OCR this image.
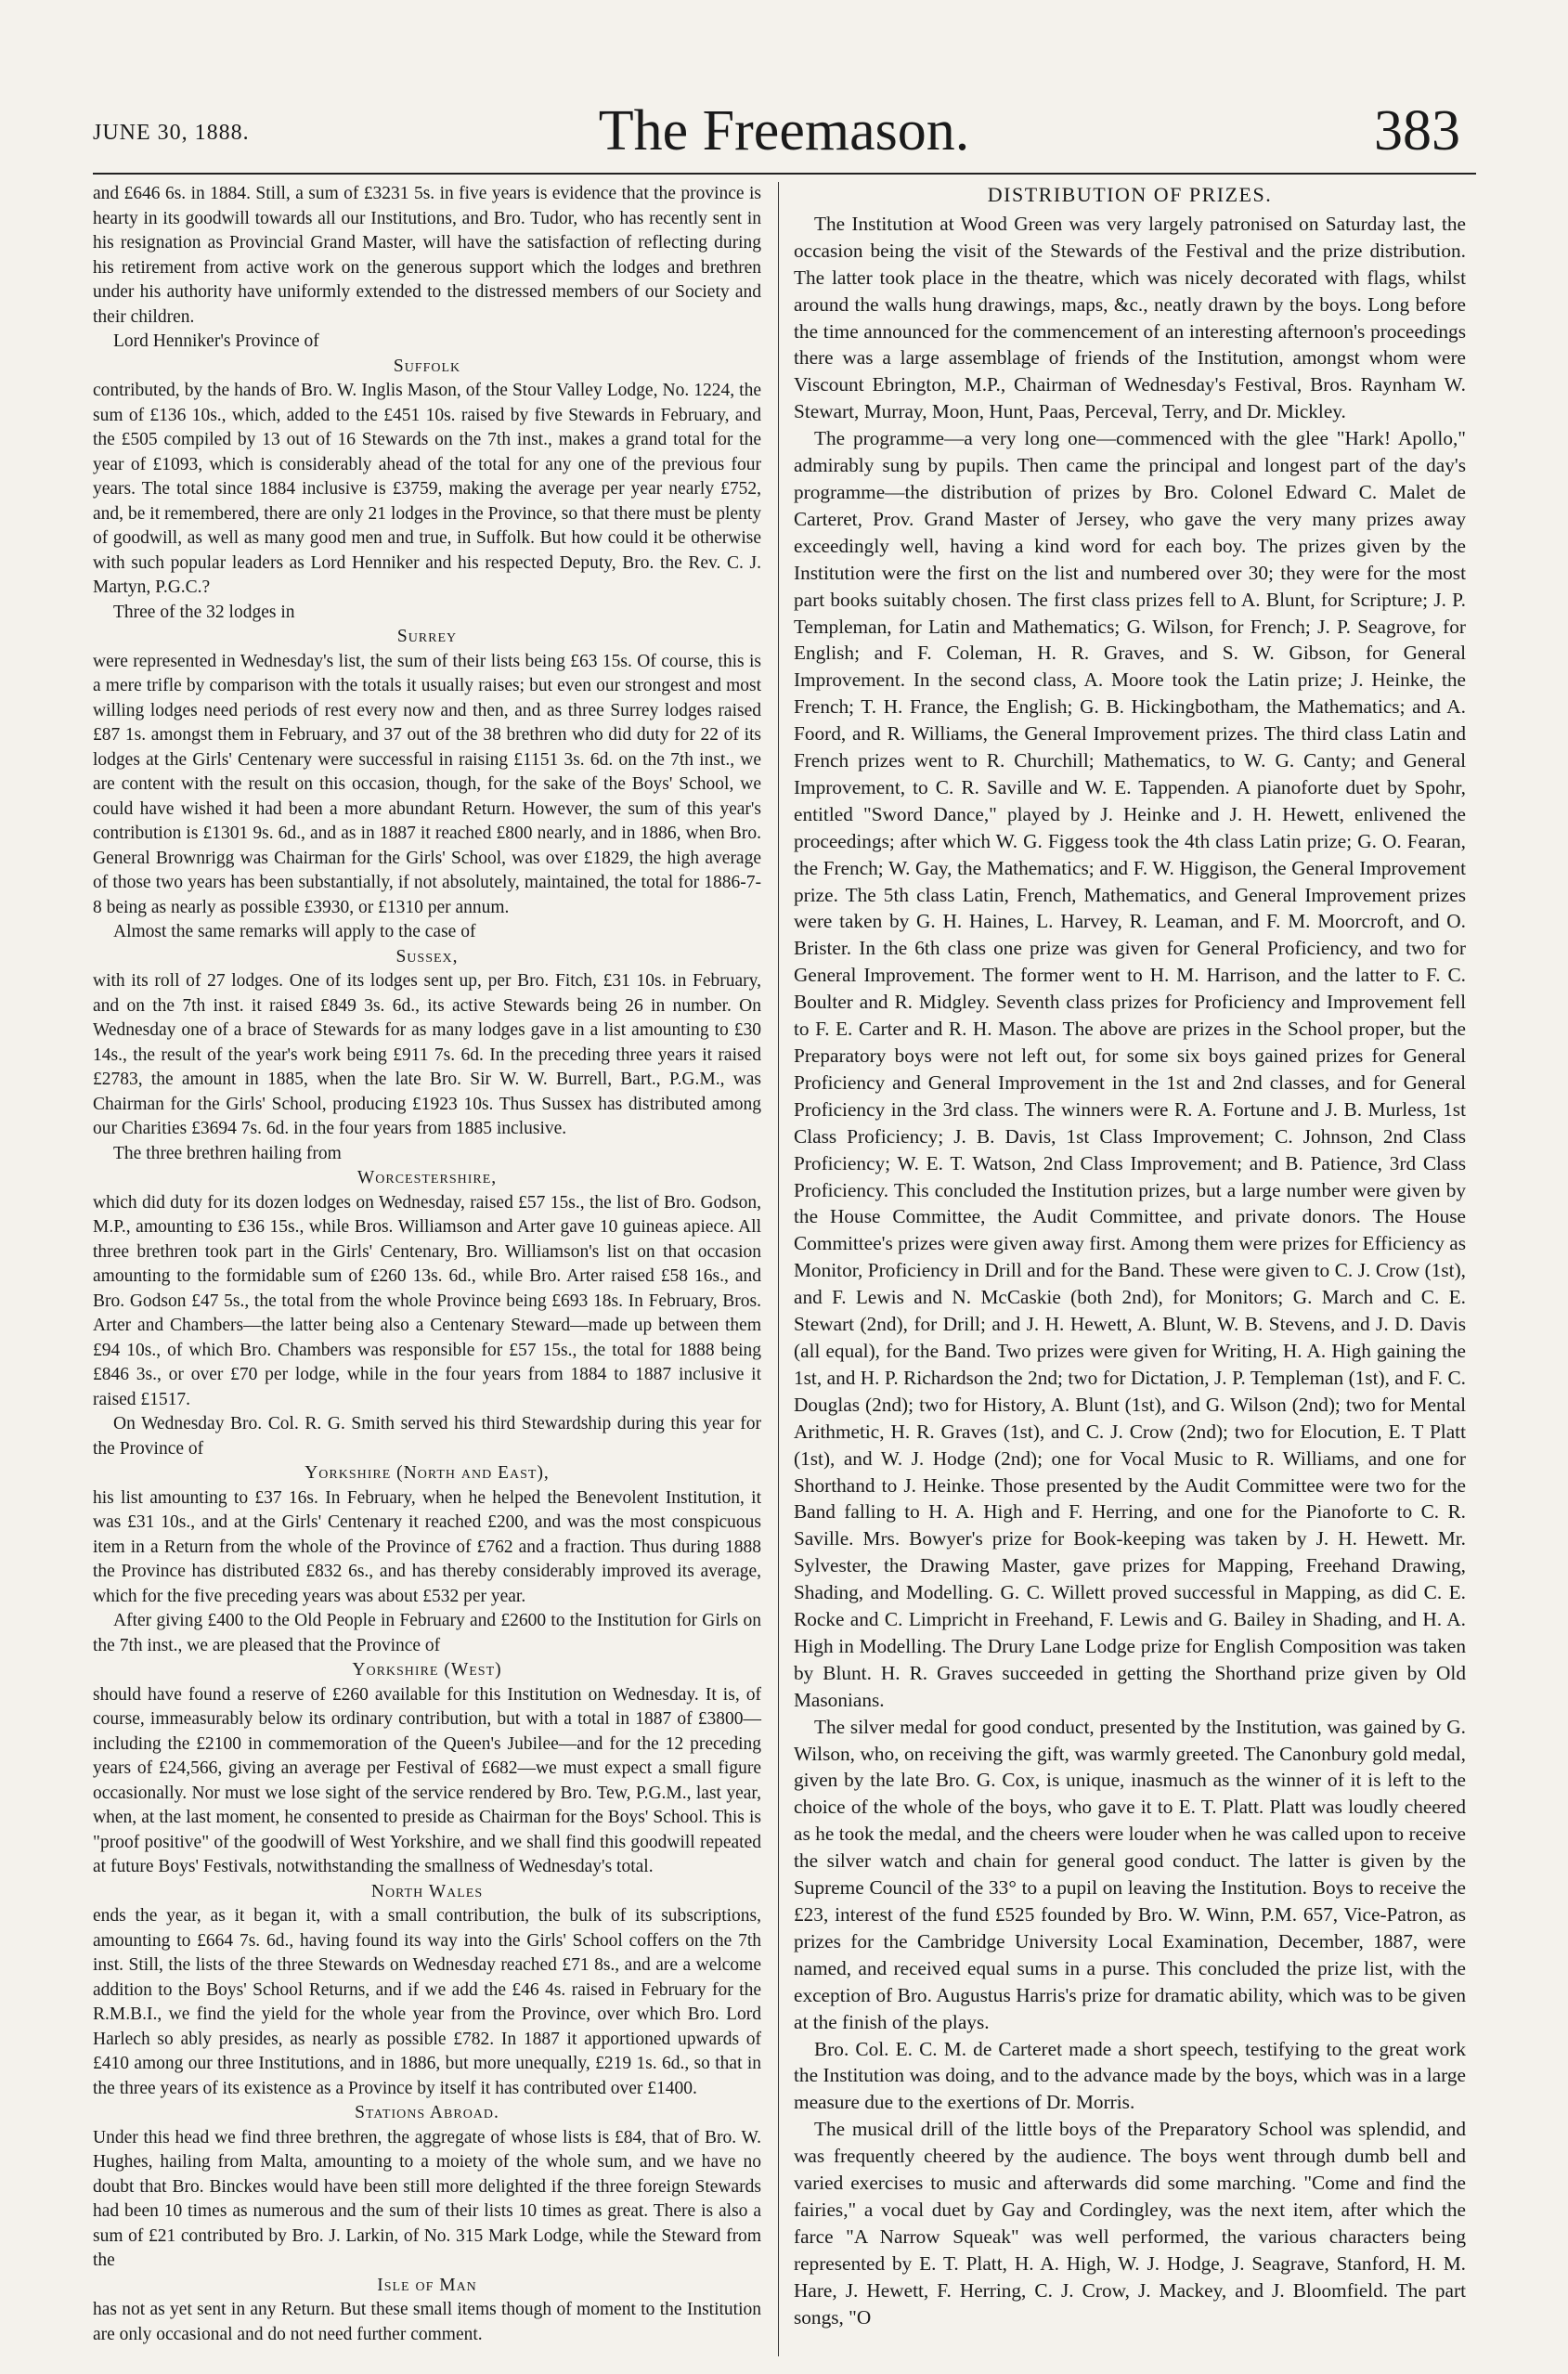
JUNE 30, 1888.	The Freemason.	383

and £646 6s. in 1884. Still, a sum of £3231 5s. in five years is evidence that the province is hearty in its goodwill towards all our Institutions, and Bro. Tudor, who has recently sent in his resignation as Provincial Grand Master, will have the satisfaction of reflecting during his retirement from active work on the generous support which the lodges and brethren under his authority have uniformly extended to the distressed members of our Society and their children.

Lord Henniker's Province of

Suffolk

contributed, by the hands of Bro. W. Inglis Mason, of the Stour Valley Lodge, No. 1224, the sum of £136 10s., which, added to the £451 10s. raised by five Stewards in February, and the £505 compiled by 13 out of 16 Stewards on the 7th inst., makes a grand total for the year of £1093, which is considerably ahead of the total for any one of the previous four years. The total since 1884 inclusive is £3759, making the average per year nearly £752, and, be it remembered, there are only 21 lodges in the Province, so that there must be plenty of goodwill, as well as many good men and true, in Suffolk. But how could it be otherwise with such popular leaders as Lord Henniker and his respected Deputy, Bro. the Rev. C. J. Martyn, P.G.C.?

Three of the 32 lodges in

Surrey

were represented in Wednesday's list, the sum of their lists being £63 15s. Of course, this is a mere trifle by comparison with the totals it usually raises; but even our strongest and most willing lodges need periods of rest every now and then, and as three Surrey lodges raised £87 1s. amongst them in February, and 37 out of the 38 brethren who did duty for 22 of its lodges at the Girls' Centenary were successful in raising £1151 3s. 6d. on the 7th inst., we are content with the result on this occasion, though, for the sake of the Boys' School, we could have wished it had been a more abundant Return. However, the sum of this year's contribution is £1301 9s. 6d., and as in 1887 it reached £800 nearly, and in 1886, when Bro. General Brownrigg was Chairman for the Girls' School, was over £1829, the high average of those two years has been substantially, if not absolutely, maintained, the total for 1886-7-8 being as nearly as possible £3930, or £1310 per annum.

Almost the same remarks will apply to the case of

Sussex,

with its roll of 27 lodges. One of its lodges sent up, per Bro. Fitch, £31 10s. in February, and on the 7th inst. it raised £849 3s. 6d., its active Stewards being 26 in number. On Wednesday one of a brace of Stewards for as many lodges gave in a list amounting to £30 14s., the result of the year's work being £911 7s. 6d. In the preceding three years it raised £2783, the amount in 1885, when the late Bro. Sir W. W. Burrell, Bart., P.G.M., was Chairman for the Girls' School, producing £1923 10s. Thus Sussex has distributed among our Charities £3694 7s. 6d. in the four years from 1885 inclusive.

The three brethren hailing from

Worcestershire,

which did duty for its dozen lodges on Wednesday, raised £57 15s., the list of Bro. Godson, M.P., amounting to £36 15s., while Bros. Williamson and Arter gave 10 guineas apiece. All three brethren took part in the Girls' Centenary, Bro. Williamson's list on that occasion amounting to the formidable sum of £260 13s. 6d., while Bro. Arter raised £58 16s., and Bro. Godson £47 5s., the total from the whole Province being £693 18s. In February, Bros. Arter and Chambers—the latter being also a Centenary Steward—made up between them £94 10s., of which Bro. Chambers was responsible for £57 15s., the total for 1888 being £846 3s., or over £70 per lodge, while in the four years from 1884 to 1887 inclusive it raised £1517.

On Wednesday Bro. Col. R. G. Smith served his third Stewardship during this year for the Province of

Yorkshire (North and East),

his list amounting to £37 16s. In February, when he helped the Benevolent Institution, it was £31 10s., and at the Girls' Centenary it reached £200, and was the most conspicuous item in a Return from the whole of the Province of £762 and a fraction. Thus during 1888 the Province has distributed £832 6s., and has thereby considerably improved its average, which for the five preceding years was about £532 per year.

After giving £400 to the Old People in February and £2600 to the Institution for Girls on the 7th inst., we are pleased that the Province of

Yorkshire (West)

should have found a reserve of £260 available for this Institution on Wednesday. It is, of course, immeasurably below its ordinary contribution, but with a total in 1887 of £3800—including the £2100 in commemoration of the Queen's Jubilee—and for the 12 preceding years of £24,566, giving an average per Festival of £682—we must expect a small figure occasionally. Nor must we lose sight of the service rendered by Bro. Tew, P.G.M., last year, when, at the last moment, he consented to preside as Chairman for the Boys' School. This is "proof positive" of the goodwill of West Yorkshire, and we shall find this goodwill repeated at future Boys' Festivals, notwithstanding the smallness of Wednesday's total.

North Wales

ends the year, as it began it, with a small contribution, the bulk of its subscriptions, amounting to £664 7s. 6d., having found its way into the Girls' School coffers on the 7th inst. Still, the lists of the three Stewards on Wednesday reached £71 8s., and are a welcome addition to the Boys' School Returns, and if we add the £46 4s. raised in February for the R.M.B.I., we find the yield for the whole year from the Province, over which Bro. Lord Harlech so ably presides, as nearly as possible £782. In 1887 it apportioned upwards of £410 among our three Institutions, and in 1886, but more unequally, £219 1s. 6d., so that in the three years of its existence as a Province by itself it has contributed over £1400.

Stations Abroad.

Under this head we find three brethren, the aggregate of whose lists is £84, that of Bro. W. Hughes, hailing from Malta, amounting to a moiety of the whole sum, and we have no doubt that Bro. Binckes would have been still more delighted if the three foreign Stewards had been 10 times as numerous and the sum of their lists 10 times as great. There is also a sum of £21 contributed by Bro. J. Larkin, of No. 315 Mark Lodge, while the Steward from the

Isle of Man

has not as yet sent in any Return. But these small items though of moment to the Institution are only occasional and do not need further comment.

DISTRIBUTION OF PRIZES.

The Institution at Wood Green was very largely patronised on Saturday last, the occasion being the visit of the Stewards of the Festival and the prize distribution. The latter took place in the theatre, which was nicely decorated with flags, whilst around the walls hung drawings, maps, &c., neatly drawn by the boys. Long before the time announced for the commencement of an interesting afternoon's proceedings there was a large assemblage of friends of the Institution, amongst whom were Viscount Ebrington, M.P., Chairman of Wednesday's Festival, Bros. Raynham W. Stewart, Murray, Moon, Hunt, Paas, Perceval, Terry, and Dr. Mickley.

The programme—a very long one—commenced with the glee "Hark! Apollo," admirably sung by pupils. Then came the principal and longest part of the day's programme—the distribution of prizes by Bro. Colonel Edward C. Malet de Carteret, Prov. Grand Master of Jersey, who gave the very many prizes away exceedingly well, having a kind word for each boy. The prizes given by the Institution were the first on the list and numbered over 30; they were for the most part books suitably chosen. The first class prizes fell to A. Blunt, for Scripture; J. P. Templeman, for Latin and Mathematics; G. Wilson, for French; J. P. Seagrove, for English; and F. Coleman, H. R. Graves, and S. W. Gibson, for General Improvement. In the second class, A. Moore took the Latin prize; J. Heinke, the French; T. H. France, the English; G. B. Hickingbotham, the Mathematics; and A. Foord, and R. Williams, the General Improvement prizes. The third class Latin and French prizes went to R. Churchill; Mathematics, to W. G. Canty; and General Improvement, to C. R. Saville and W. E. Tappenden. A pianoforte duet by Spohr, entitled "Sword Dance," played by J. Heinke and J. H. Hewett, enlivened the proceedings; after which W. G. Figgess took the 4th class Latin prize; G. O. Fearan, the French; W. Gay, the Mathematics; and F. W. Higgison, the General Improvement prize. The 5th class Latin, French, Mathematics, and General Improvement prizes were taken by G. H. Haines, L. Harvey, R. Leaman, and F. M. Moorcroft, and O. Brister. In the 6th class one prize was given for General Proficiency, and two for General Improvement. The former went to H. M. Harrison, and the latter to F. C. Boulter and R. Midgley. Seventh class prizes for Proficiency and Improvement fell to F. E. Carter and R. H. Mason. The above are prizes in the School proper, but the Preparatory boys were not left out, for some six boys gained prizes for General Proficiency and General Improvement in the 1st and 2nd classes, and for General Proficiency in the 3rd class. The winners were R. A. Fortune and J. B. Murless, 1st Class Proficiency; J. B. Davis, 1st Class Improvement; C. Johnson, 2nd Class Proficiency; W. E. T. Watson, 2nd Class Improvement; and B. Patience, 3rd Class Proficiency. This concluded the Institution prizes, but a large number were given by the House Committee, the Audit Committee, and private donors. The House Committee's prizes were given away first. Among them were prizes for Efficiency as Monitor, Proficiency in Drill and for the Band. These were given to C. J. Crow (1st), and F. Lewis and N. McCaskie (both 2nd), for Monitors; G. March and C. E. Stewart (2nd), for Drill; and J. H. Hewett, A. Blunt, W. B. Stevens, and J. D. Davis (all equal), for the Band. Two prizes were given for Writing, H. A. High gaining the 1st, and H. P. Richardson the 2nd; two for Dictation, J. P. Templeman (1st), and F. C. Douglas (2nd); two for History, A. Blunt (1st), and G. Wilson (2nd); two for Mental Arithmetic, H. R. Graves (1st), and C. J. Crow (2nd); two for Elocution, E. T Platt (1st), and W. J. Hodge (2nd); one for Vocal Music to R. Williams, and one for Shorthand to J. Heinke. Those presented by the Audit Committee were two for the Band falling to H. A. High and F. Herring, and one for the Pianoforte to C. R. Saville. Mrs. Bowyer's prize for Book-keeping was taken by J. H. Hewett. Mr. Sylvester, the Drawing Master, gave prizes for Mapping, Freehand Drawing, Shading, and Modelling. G. C. Willett proved successful in Mapping, as did C. E. Rocke and C. Limpricht in Freehand, F. Lewis and G. Bailey in Shading, and H. A. High in Modelling. The Drury Lane Lodge prize for English Composition was taken by Blunt. H. R. Graves succeeded in getting the Shorthand prize given by Old Masonians.

The silver medal for good conduct, presented by the Institution, was gained by G. Wilson, who, on receiving the gift, was warmly greeted. The Canonbury gold medal, given by the late Bro. G. Cox, is unique, inasmuch as the winner of it is left to the choice of the whole of the boys, who gave it to E. T. Platt. Platt was loudly cheered as he took the medal, and the cheers were louder when he was called upon to receive the silver watch and chain for general good conduct. The latter is given by the Supreme Council of the 33° to a pupil on leaving the Institution. Boys to receive the £23, interest of the fund £525 founded by Bro. W. Winn, P.M. 657, Vice-Patron, as prizes for the Cambridge University Local Examination, December, 1887, were named, and received equal sums in a purse. This concluded the prize list, with the exception of Bro. Augustus Harris's prize for dramatic ability, which was to be given at the finish of the plays.

Bro. Col. E. C. M. de Carteret made a short speech, testifying to the great work the Institution was doing, and to the advance made by the boys, which was in a large measure due to the exertions of Dr. Morris.

The musical drill of the little boys of the Preparatory School was splendid, and was frequently cheered by the audience. The boys went through dumb bell and varied exercises to music and afterwards did some marching. "Come and find the fairies," a vocal duet by Gay and Cordingley, was the next item, after which the farce "A Narrow Squeak" was well performed, the various characters being represented by E. T. Platt, H. A. High, W. J. Hodge, J. Seagrave, Stanford, H. M. Hare, J. Hewett, F. Herring, C. J. Crow, J. Mackey, and J. Bloomfield. The part songs, "O
